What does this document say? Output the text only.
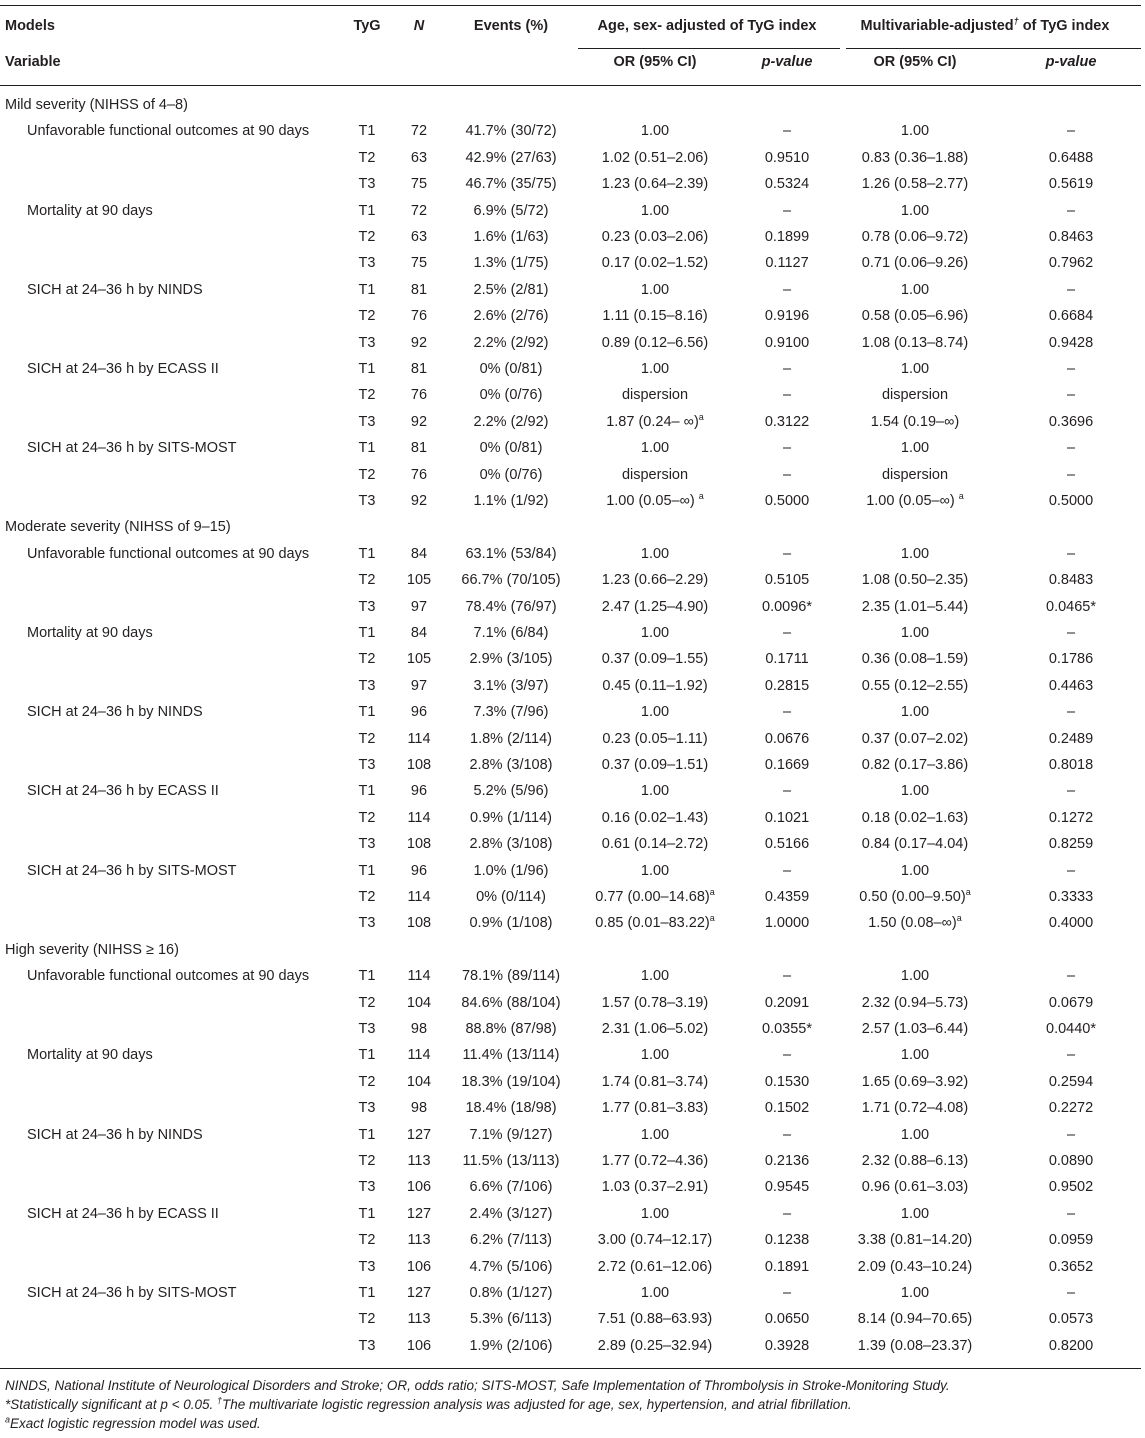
Models	TyG N	Events (%)	Age, sex- adjusted of TyG index	Multivariable-adjusted† of TyG index
Variable	OR (95% CI)	p-value	OR (95% CI)	p-value
Mild severity (NIHSS of 4–8)
Unfavorable functional outcomes at 90 days	T1 72	41.7% (30/72)	1.00	–	1.00	–
T2 63	42.9% (27/63)	1.02 (0.51–2.06)	0.9510	0.83 (0.36–1.88)	0.6488
T3 75	46.7% (35/75)	1.23 (0.64–2.39)	0.5324	1.26 (0.58–2.77)	0.5619
Mortality at 90 days	T1 72	6.9% (5/72)	1.00	–	1.00	–
T2 63	1.6% (1/63)	0.23 (0.03–2.06)	0.1899	0.78 (0.06–9.72)	0.8463
T3 75	1.3% (1/75)	0.17 (0.02–1.52)	0.1127	0.71 (0.06–9.26)	0.7962
SICH at 24–36 h by NINDS	T1 81	2.5% (2/81)	1.00	–	1.00	–
T2 76	2.6% (2/76)	1.11 (0.15–8.16)	0.9196	0.58 (0.05–6.96)	0.6684
T3 92	2.2% (2/92)	0.89 (0.12–6.56)	0.9100	1.08 (0.13–8.74)	0.9428
SICH at 24–36 h by ECASS II	T1 81	0% (0/81)	1.00	–	1.00	–
T2 76	0% (0/76)	dispersion	–	dispersion	–
T3 92	2.2% (2/92)	1.87 (0.24– ∞)$^a$	0.3122	1.54 (0.19–∞)	0.3696
SICH at 24–36 h by SITS-MOST	T1 81	0% (0/81)	1.00	–	1.00	–
T2 76	0% (0/76)	dispersion	–	dispersion	–
T3 92	1.1% (1/92)	1.00 (0.05–∞) $^a$	0.5000	1.00 (0.05–∞) $^a$	0.5000
Moderate severity (NIHSS of 9–15)
Unfavorable functional outcomes at 90 days	T1 84	63.1% (53/84)	1.00	–	1.00	–
T2 105 66.7% (70/105)	1.23 (0.66–2.29)	0.5105	1.08 (0.50–2.35)	0.8483
T3 97	78.4% (76/97)	2.47 (1.25–4.90)	0.0096*	2.35 (1.01–5.44)	0.0465*
Mortality at 90 days	T1 84	7.1% (6/84)	1.00	–	1.00	–
T2 105	2.9% (3/105)	0.37 (0.09–1.55)	0.1711	0.36 (0.08–1.59)	0.1786
T3 97	3.1% (3/97)	0.45 (0.11–1.92)	0.2815	0.55 (0.12–2.55)	0.4463
SICH at 24–36 h by NINDS	T1 96	7.3% (7/96)	1.00	–	1.00	–
T2 114	1.8% (2/114)	0.23 (0.05–1.11)	0.0676	0.37 (0.07–2.02)	0.2489
T3 108	2.8% (3/108)	0.37 (0.09–1.51)	0.1669	0.82 (0.17–3.86)	0.8018
SICH at 24–36 h by ECASS II	T1 96	5.2% (5/96)	1.00	–	1.00	–
T2 114	0.9% (1/114)	0.16 (0.02–1.43)	0.1021	0.18 (0.02–1.63)	0.1272
T3 108	2.8% (3/108)	0.61 (0.14–2.72)	0.5166	0.84 (0.17–4.04)	0.8259
SICH at 24–36 h by SITS-MOST	T1 96	1.0% (1/96)	1.00	–	1.00	–
T2 114	0% (0/114)	0.77 $(0.00-14.68)^a$	0.4359	0.50 $(0.00-9.50)^a$	0.3333
T3 108	0.9% (1/108)	0.85 $(0.01-83.22)^a$	1.0000	1.50 $(0.08-\infty)^a$	0.4000
High severity (NIHSS ≥ 16)
Unfavorable functional outcomes at 90 days	T1 114 78.1% (89/114)	1.00	–	1.00	–
T2 104 84.6% (88/104)	1.57 (0.78–3.19)	0.2091	2.32 (0.94–5.73)	0.0679
T3 98	88.8% (87/98)	2.31 (1.06–5.02)	0.0355*	2.57 (1.03–6.44)	0.0440*
Mortality at 90 days	T1 114 11.4% (13/114)	1.00	–	1.00	–
T2 104 18.3% (19/104)	1.74 (0.81–3.74)	0.1530	1.65 (0.69–3.92)	0.2594
T3 98	18.4% (18/98)	1.77 (0.81–3.83)	0.1502	1.71 (0.72–4.08)	0.2272
SICH at 24–36 h by NINDS	T1 127	7.1% (9/127)	1.00	–	1.00	–
T2 113 11.5% (13/113)	1.77 (0.72–4.36)	0.2136	2.32 (0.88–6.13)	0.0890
T3 106	6.6% (7/106)	1.03 (0.37–2.91)	0.9545	0.96 (0.61–3.03)	0.9502
SICH at 24–36 h by ECASS II	T1 127	2.4% (3/127)	1.00	–	1.00	–
T2 113	6.2% (7/113)	3.00 (0.74–12.17)	0.1238	3.38 (0.81–14.20)	0.0959
T3 106	4.7% (5/106)	2.72 (0.61–12.06)	0.1891	2.09 (0.43–10.24)	0.3652
SICH at 24–36 h by SITS-MOST	T1 127	0.8% (1/127)	1.00	–	1.00	–
T2 113	5.3% (6/113)	7.51 (0.88–63.93)	0.0650	8.14 (0.94–70.65)	0.0573
T3 106	1.9% (2/106)	2.89 (0.25–32.94)	0.3928	1.39 (0.08–23.37)	0.8200
NINDS, National Institute of Neurological Disorders and Stroke; OR, odds ratio; SITS-MOST, Safe Implementation of Thrombolysis in Stroke-Monitoring Study.
*Statistically significant at p < 0.05. †The multivariate logistic regression analysis was adjusted for age, sex, hypertension, and atrial fibrillation.
$^a$Exact logistic regression model was used.
